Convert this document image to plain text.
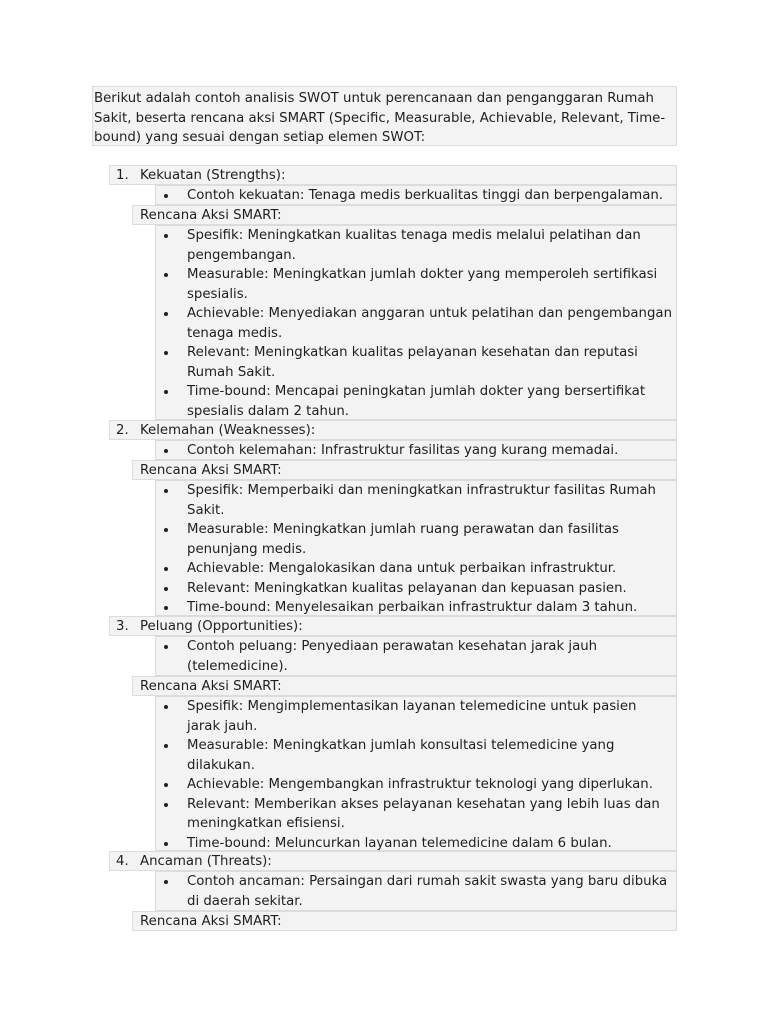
Berikut adalah contoh analisis SWOT untuk perencanaan dan penganggaran Rumah Sakit, beserta rencana aksi SMART (Specific, Measurable, Achievable, Relevant, Time-bound) yang sesuai dengan setiap elemen SWOT:
1. Kekuatan (Strengths):
Contoh kekuatan: Tenaga medis berkualitas tinggi dan berpengalaman.
Rencana Aksi SMART:
Spesifik: Meningkatkan kualitas tenaga medis melalui pelatihan dan pengembangan.
Measurable: Meningkatkan jumlah dokter yang memperoleh sertifikasi spesialis.
Achievable: Menyediakan anggaran untuk pelatihan dan pengembangan tenaga medis.
Relevant: Meningkatkan kualitas pelayanan kesehatan dan reputasi Rumah Sakit.
Time-bound: Mencapai peningkatan jumlah dokter yang bersertifikat spesialis dalam 2 tahun.
2. Kelemahan (Weaknesses):
Contoh kelemahan: Infrastruktur fasilitas yang kurang memadai.
Rencana Aksi SMART:
Spesifik: Memperbaiki dan meningkatkan infrastruktur fasilitas Rumah Sakit.
Measurable: Meningkatkan jumlah ruang perawatan dan fasilitas penunjang medis.
Achievable: Mengalokasikan dana untuk perbaikan infrastruktur.
Relevant: Meningkatkan kualitas pelayanan dan kepuasan pasien.
Time-bound: Menyelesaikan perbaikan infrastruktur dalam 3 tahun.
3. Peluang (Opportunities):
Contoh peluang: Penyediaan perawatan kesehatan jarak jauh (telemedicine).
Rencana Aksi SMART:
Spesifik: Mengimplementasikan layanan telemedicine untuk pasien jarak jauh.
Measurable: Meningkatkan jumlah konsultasi telemedicine yang dilakukan.
Achievable: Mengembangkan infrastruktur teknologi yang diperlukan.
Relevant: Memberikan akses pelayanan kesehatan yang lebih luas dan meningkatkan efisiensi.
Time-bound: Meluncurkan layanan telemedicine dalam 6 bulan.
4. Ancaman (Threats):
Contoh ancaman: Persaingan dari rumah sakit swasta yang baru dibuka di daerah sekitar.
Rencana Aksi SMART:
